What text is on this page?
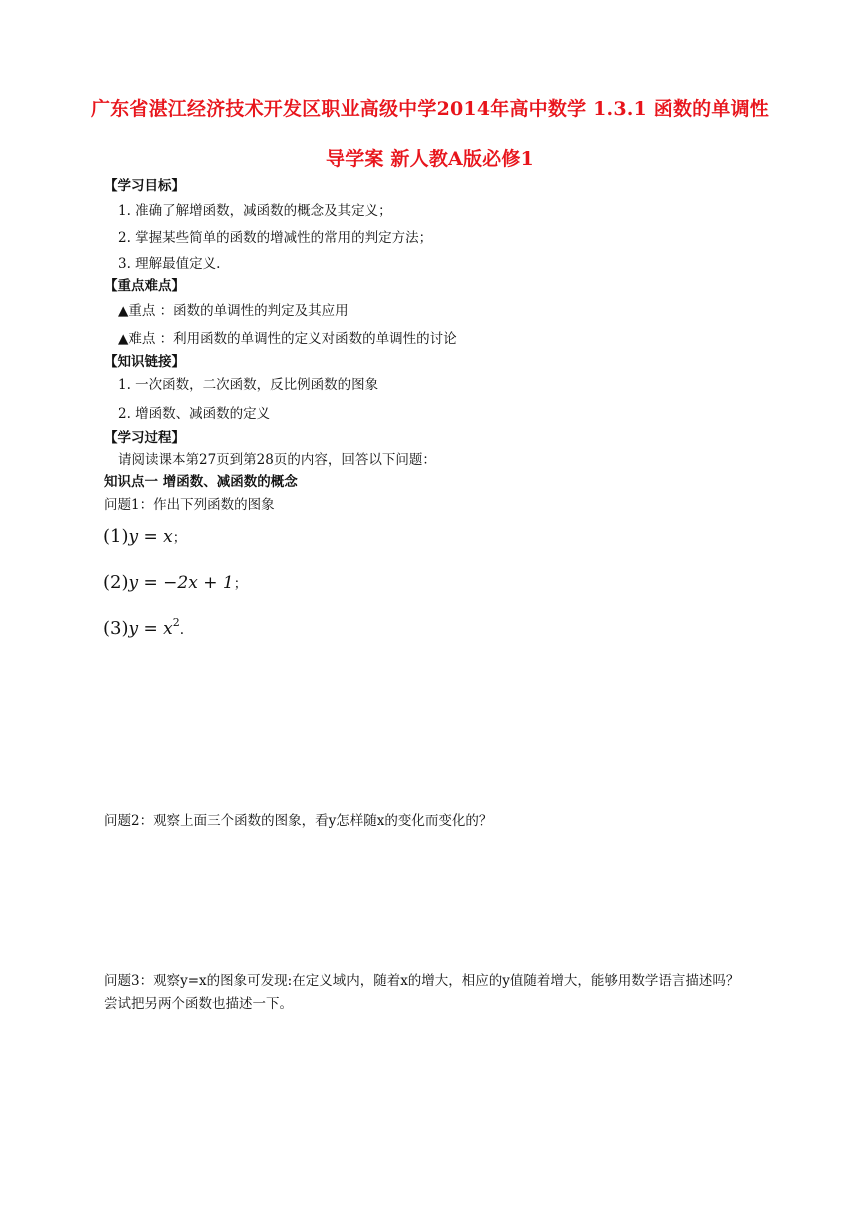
广东省湛江经济技术开发区职业高级中学2014年高中数学 1.3.1 函数的单调性
导学案 新人教A版必修1
【学习目标】
1. 准确了解增函数，减函数的概念及其定义；
2. 掌握某些简单的函数的增减性的常用的判定方法；
3. 理解最值定义.
【重点难点】
▲重点 ：函数的单调性的判定及其应用
▲难点 ：利用函数的单调性的定义对函数的单调性的讨论
【知识链接】
1. 一次函数，二次函数，反比例函数的图象
2. 增函数、减函数的定义
【学习过程】
请阅读课本第27页到第28页的内容，回答以下问题：
知识点一 增函数、减函数的概念
问题1：作出下列函数的图象
(1)y = x；
(2)y = −2x + 1；
$(3)y = x^2$.
问题2：观察上面三个函数的图象，看y怎样随x的变化而变化的？
问题3：观察y=x的图象可发现:在定义域内，随着x的增大，相应的y值随着增大，能够用数学语言描述吗？
尝试把另两个函数也描述一下。
